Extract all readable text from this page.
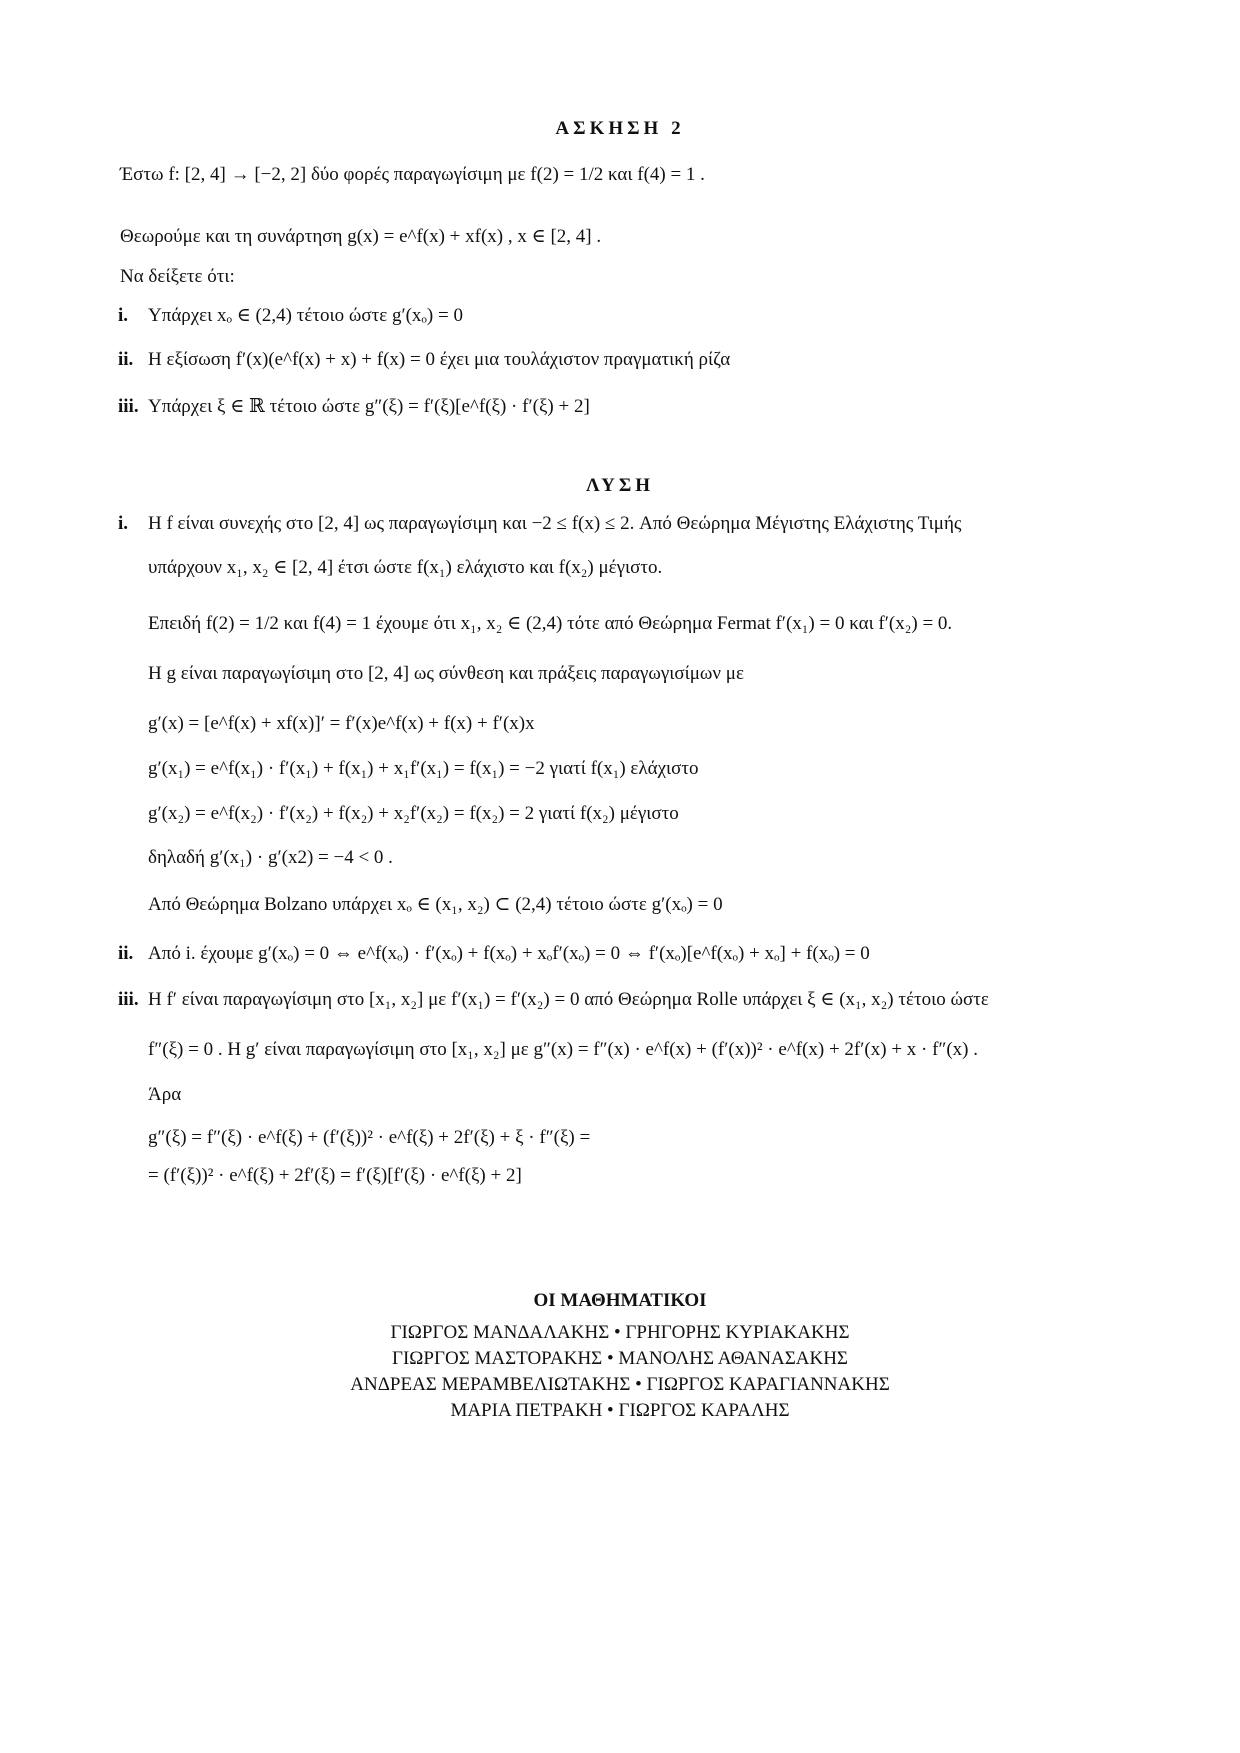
ΑΣΚΗΣΗ 2
Έστω f: [2, 4] → [−2, 2] δύο φορές παραγωγίσιμη με f(2) = 1/2 και f(4) = 1 .
Θεωρούμε και τη συνάρτηση g(x) = e^f(x) + xf(x) , x ∈ [2, 4] .
Να δείξετε ότι:
i. Υπάρχει xₒ ∈ (2,4) τέτοιο ώστε g′(xₒ) = 0
ii. Η εξίσωση f′(x)(e^f(x) + x) + f(x) = 0 έχει μια τουλάχιστον πραγματική ρίζα
iii. Υπάρχει ξ ∈ ℝ τέτοιο ώστε g″(ξ) = f′(ξ)[e^f(ξ) · f′(ξ) + 2]
ΛΥΣΗ
i. Η f είναι συνεχής στο [2, 4] ως παραγωγίσιμη και −2 ≤ f(x) ≤ 2. Από Θεώρημα Μέγιστης Ελάχιστης Τιμής
υπάρχουν x₁, x₂ ∈ [2, 4] έτσι ώστε f(x₁) ελάχιστο και f(x₂) μέγιστο.
Επειδή f(2) = 1/2 και f(4) = 1 έχουμε ότι x₁, x₂ ∈ (2,4) τότε από Θεώρημα Fermat f′(x₁) = 0 και f′(x₂) = 0.
Η g είναι παραγωγίσιμη στο [2, 4] ως σύνθεση και πράξεις παραγωγισίμων με
g′(x) = [e^f(x) + xf(x)]′ = f′(x)e^f(x) + f(x) + f′(x)x
g′(x₁) = e^f(x₁) · f′(x₁) + f(x₁) + x₁f′(x₁) = f(x₁) = −2 γιατί f(x₁) ελάχιστο
g′(x₂) = e^f(x₂) · f′(x₂) + f(x₂) + x₂f′(x₂) = f(x₂) = 2 γιατί f(x₂) μέγιστο
δηλαδή g′(x₁) · g′(x2) = −4 < 0 .
Από Θεώρημα Bolzano υπάρχει xₒ ∈ (x₁, x₂) ⊂ (2,4) τέτοιο ώστε g′(xₒ) = 0
ii. Από i. έχουμε g′(xₒ) = 0 ⇔ e^f(xₒ) · f′(xₒ) + f(xₒ) + xₒf′(xₒ) = 0 ⇔ f′(xₒ)[e^f(xₒ) + xₒ] + f(xₒ) = 0
iii. Η f′ είναι παραγωγίσιμη στο [x₁, x₂] με f′(x₁) = f′(x₂) = 0 από Θεώρημα Rolle υπάρχει ξ ∈ (x₁, x₂) τέτοιο ώστε
f″(ξ) = 0 . Η g′ είναι παραγωγίσιμη στο [x₁, x₂] με g″(x) = f″(x) · e^f(x) + (f′(x))² · e^f(x) + 2f′(x) + x · f″(x) .
Άρα
g″(ξ) = f″(ξ) · e^f(ξ) + (f′(ξ))² · e^f(ξ) + 2f′(ξ) + ξ · f″(ξ) =
= (f′(ξ))² · e^f(ξ) + 2f′(ξ) = f′(ξ)[f′(ξ) · e^f(ξ) + 2]
ΟΙ ΜΑΘΗΜΑΤΙΚΟΙ
ΓΙΩΡΓΟΣ ΜΑΝΔΑΛΑΚΗΣ • ΓΡΗΓΟΡΗΣ ΚΥΡΙΑΚΑΚΗΣ
ΓΙΩΡΓΟΣ ΜΑΣΤΟΡΑΚΗΣ • ΜΑΝΟΛΗΣ ΑΘΑΝΑΣΑΚΗΣ
ΑΝΔΡΕΑΣ ΜΕΡΑΜΒΕΛΙΩΤΑΚΗΣ • ΓΙΩΡΓΟΣ ΚΑΡΑΓΙΑΝΝΑΚΗΣ
ΜΑΡΙΑ ΠΕΤΡΑΚΗ • ΓΙΩΡΓΟΣ ΚΑΡΑΛΗΣ
